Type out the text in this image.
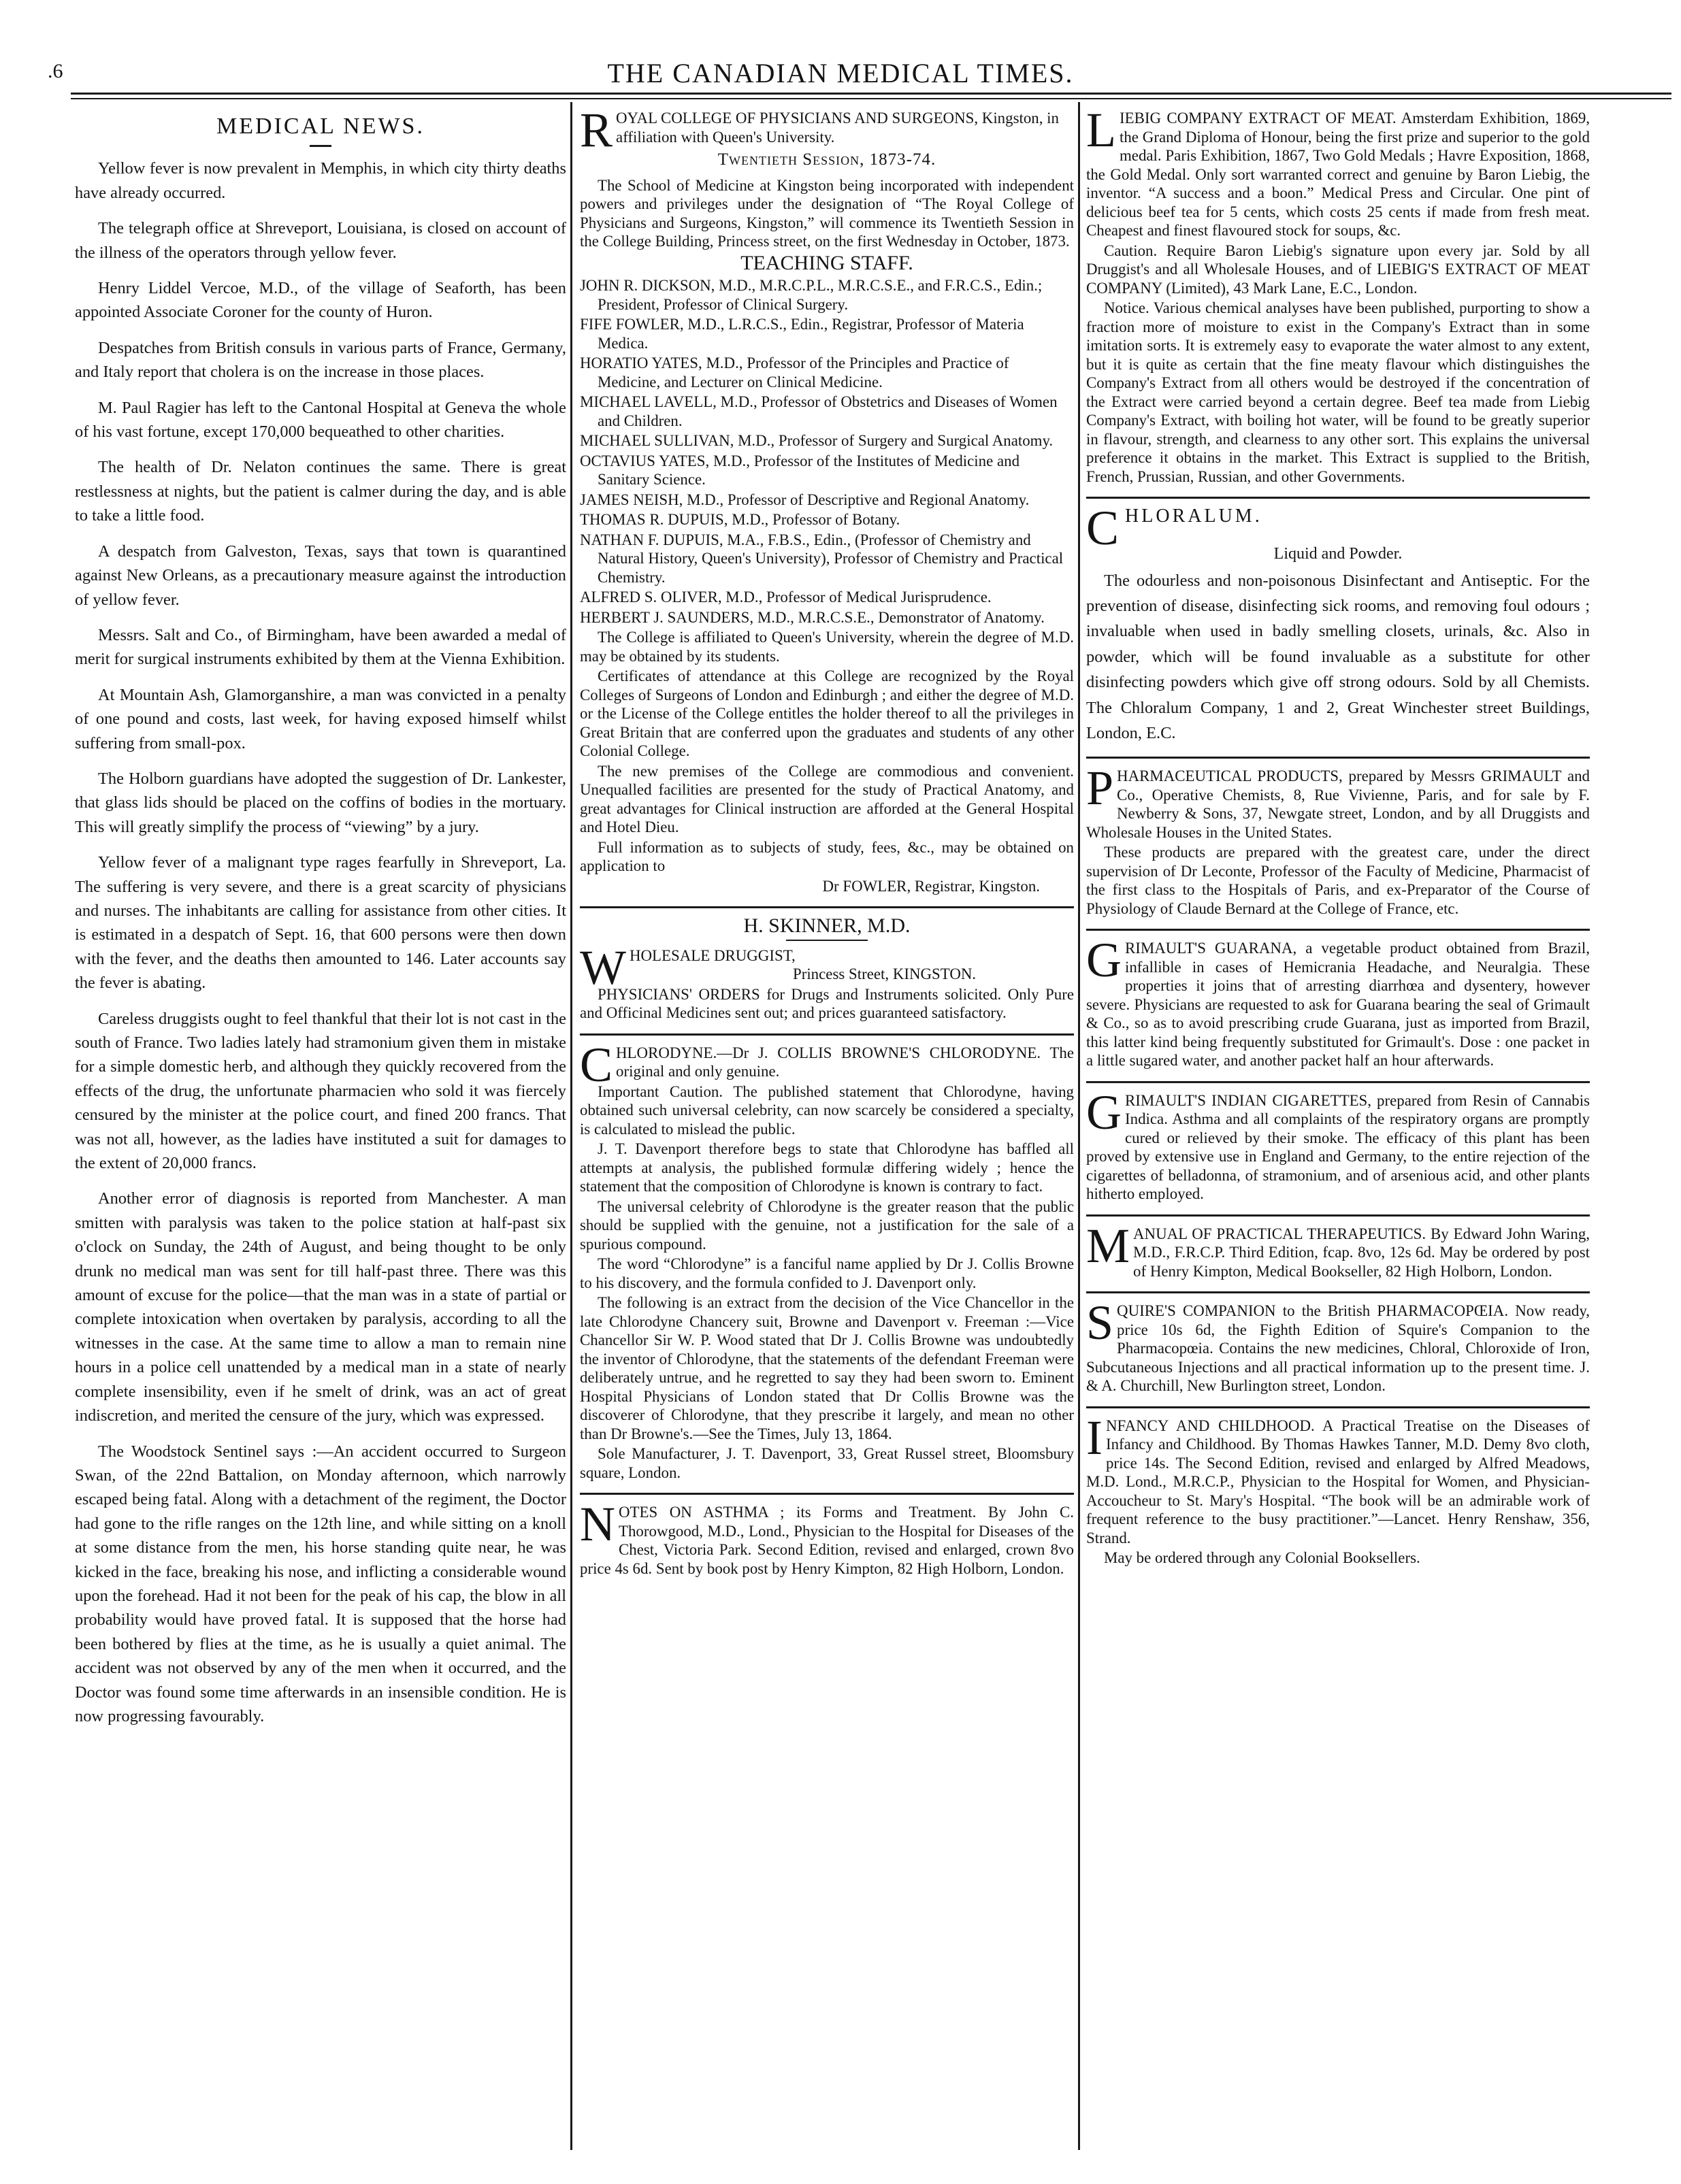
.6	THE CANADIAN MEDICAL TIMES.
MEDICAL NEWS.

Yellow fever is now prevalent in Memphis, in which city thirty deaths have already occurred.

The telegraph office at Shreveport, Louisiana, is closed on account of the illness of the operators through yellow fever.

Henry Liddel Vercoe, M.D., of the village of Seaforth, has been appointed Associate Coroner for the county of Huron.

Despatches from British consuls in various parts of France, Germany, and Italy report that cholera is on the increase in those places.

M. Paul Ragier has left to the Cantonal Hospital at Geneva the whole of his vast fortune, except 170,000 bequeathed to other charities.

The health of Dr. Nelaton continues the same. There is great restlessness at nights, but the patient is calmer during the day, and is able to take a little food.

A despatch from Galveston, Texas, says that town is quarantined against New Orleans, as a precautionary measure against the introduction of yellow fever.

Messrs. Salt and Co., of Birmingham, have been awarded a medal of merit for surgical instruments exhibited by them at the Vienna Exhibition.

At Mountain Ash, Glamorganshire, a man was convicted in a penalty of one pound and costs, last week, for having exposed himself whilst suffering from small-pox.

The Holborn guardians have adopted the suggestion of Dr. Lankester, that glass lids should be placed on the coffins of bodies in the mortuary. This will greatly simplify the process of “viewing” by a jury.

Yellow fever of a malignant type rages fearfully in Shreveport, La. The suffering is very severe, and there is a great scarcity of physicians and nurses. The inhabitants are calling for assistance from other cities. It is estimated in a despatch of Sept. 16, that 600 persons were then down with the fever, and the deaths then amounted to 146. Later accounts say the fever is abating.

Careless druggists ought to feel thankful that their lot is not cast in the south of France. Two ladies lately had stramonium given them in mistake for a simple domestic herb, and although they quickly recovered from the effects of the drug, the unfortunate pharmacien who sold it was fiercely censured by the minister at the police court, and fined 200 francs. That was not all, however, as the ladies have instituted a suit for damages to the extent of 20,000 francs.

Another error of diagnosis is reported from Manchester. A man smitten with paralysis was taken to the police station at half-past six o'clock on Sunday, the 24th of August, and being thought to be only drunk no medical man was sent for till half-past three. There was this amount of excuse for the police—that the man was in a state of partial or complete intoxication when overtaken by paralysis, according to all the witnesses in the case. At the same time to allow a man to remain nine hours in a police cell unattended by a medical man in a state of nearly complete insensibility, even if he smelt of drink, was an act of great indiscretion, and merited the censure of the jury, which was expressed.

The Woodstock Sentinel says :—An accident occurred to Surgeon Swan, of the 22nd Battalion, on Monday afternoon, which narrowly escaped being fatal. Along with a detachment of the regiment, the Doctor had gone to the rifle ranges on the 12th line, and while sitting on a knoll at some distance from the men, his horse standing quite near, he was kicked in the face, breaking his nose, and inflicting a considerable wound upon the forehead. Had it not been for the peak of his cap, the blow in all probability would have proved fatal. It is supposed that the horse had been bothered by flies at the time, as he is usually a quiet animal. The accident was not observed by any of the men when it occurred, and the Doctor was found some time afterwards in an insensible condition. He is now progressing favourably.

ROYAL COLLEGE OF PHYSICIANS AND SURGEONS, Kingston, in affiliation with Queen's University.

Twentieth Session, 1873-74.

The School of Medicine at Kingston being incorporated with independent powers and privileges under the designation of “The Royal College of Physicians and Surgeons, Kingston,” will commence its Twentieth Session in the College Building, Princess street, on the first Wednesday in October, 1873.

TEACHING STAFF.

JOHN R. DICKSON, M.D., M.R.C.P.L., M.R.C.S.E., and F.R.C.S., Edin.; President, Professor of Clinical Surgery.

FIFE FOWLER, M.D., L.R.C.S., Edin., Registrar, Professor of Materia Medica.

HORATIO YATES, M.D., Professor of the Principles and Practice of Medicine, and Lecturer on Clinical Medicine.

MICHAEL LAVELL, M.D., Professor of Obstetrics and Diseases of Women and Children.

MICHAEL SULLIVAN, M.D., Professor of Surgery and Surgical Anatomy.

OCTAVIUS YATES, M.D., Professor of the Institutes of Medicine and Sanitary Science.

JAMES NEISH, M.D., Professor of Descriptive and Regional Anatomy.

THOMAS R. DUPUIS, M.D., Professor of Botany.

NATHAN F. DUPUIS, M.A., F.B.S., Edin., (Professor of Chemistry and Natural History, Queen's University), Professor of Chemistry and Practical Chemistry.

ALFRED S. OLIVER, M.D., Professor of Medical Jurisprudence.

HERBERT J. SAUNDERS, M.D., M.R.C.S.E., Demonstrator of Anatomy.

The College is affiliated to Queen's University, wherein the degree of M.D. may be obtained by its students.

Certificates of attendance at this College are recognized by the Royal Colleges of Surgeons of London and Edinburgh ; and either the degree of M.D. or the License of the College entitles the holder thereof to all the privileges in Great Britain that are conferred upon the graduates and students of any other Colonial College.

The new premises of the College are commodious and convenient. Unequalled facilities are presented for the study of Practical Anatomy, and great advantages for Clinical instruction are afforded at the General Hospital and Hotel Dieu.

Full information as to subjects of study, fees, &c., may be obtained on application to

Dr FOWLER, Registrar, Kingston.

H. SKINNER, M.D.

WHOLESALE DRUGGIST,
Princess Street, KINGSTON.

PHYSICIANS' ORDERS for Drugs and Instruments solicited. Only Pure and Officinal Medicines sent out; and prices guaranteed satisfactory.

CHLORODYNE.—Dr J. COLLIS BROWNE'S CHLORODYNE. The original and only genuine.

Important Caution. The published statement that Chlorodyne, having obtained such universal celebrity, can now scarcely be considered a specialty, is calculated to mislead the public.

J. T. Davenport therefore begs to state that Chlorodyne has baffled all attempts at analysis, the published formulæ differing widely ; hence the statement that the composition of Chlorodyne is known is contrary to fact.

The universal celebrity of Chlorodyne is the greater reason that the public should be supplied with the genuine, not a justification for the sale of a spurious compound.

The word “Chlorodyne” is a fanciful name applied by Dr J. Collis Browne to his discovery, and the formula confided to J. Davenport only.

The following is an extract from the decision of the Vice Chancellor in the late Chlorodyne Chancery suit, Browne and Davenport v. Freeman :—Vice Chancellor Sir W. P. Wood stated that Dr J. Collis Browne was undoubtedly the inventor of Chlorodyne, that the statements of the defendant Freeman were deliberately untrue, and he regretted to say they had been sworn to. Eminent Hospital Physicians of London stated that Dr Collis Browne was the discoverer of Chlorodyne, that they prescribe it largely, and mean no other than Dr Browne's.—See the Times, July 13, 1864.

Sole Manufacturer, J. T. Davenport, 33, Great Russel street, Bloomsbury square, London.

NOTES ON ASTHMA ; its Forms and Treatment. By John C. Thorowgood, M.D., Lond., Physician to the Hospital for Diseases of the Chest, Victoria Park. Second Edition, revised and enlarged, crown 8vo price 4s 6d. Sent by book post by Henry Kimpton, 82 High Holborn, London.

LIEBIG COMPANY EXTRACT OF MEAT. Amsterdam Exhibition, 1869, the Grand Diploma of Honour, being the first prize and superior to the gold medal. Paris Exhibition, 1867, Two Gold Medals ; Havre Exposition, 1868, the Gold Medal. Only sort warranted correct and genuine by Baron Liebig, the inventor. “A success and a boon.” Medical Press and Circular. One pint of delicious beef tea for 5 cents, which costs 25 cents if made from fresh meat. Cheapest and finest flavoured stock for soups, &c.

Caution. Require Baron Liebig's signature upon every jar. Sold by all Druggist's and all Wholesale Houses, and of LIEBIG'S EXTRACT OF MEAT COMPANY (Limited), 43 Mark Lane, E.C., London.

Notice. Various chemical analyses have been published, purporting to show a fraction more of moisture to exist in the Company's Extract than in some imitation sorts. It is extremely easy to evaporate the water almost to any extent, but it is quite as certain that the fine meaty flavour which distinguishes the Company's Extract from all others would be destroyed if the concentration of the Extract were carried beyond a certain degree. Beef tea made from Liebig Company's Extract, with boiling hot water, will be found to be greatly superior in flavour, strength, and clearness to any other sort. This explains the universal preference it obtains in the market. This Extract is supplied to the British, French, Prussian, Russian, and other Governments.

CHLORALUM.

Liquid and Powder.

The odourless and non-poisonous Disinfectant and Antiseptic. For the prevention of disease, disinfecting sick rooms, and removing foul odours ; invaluable when used in badly smelling closets, urinals, &c. Also in powder, which will be found invaluable as a substitute for other disinfecting powders which give off strong odours. Sold by all Chemists. The Chloralum Company, 1 and 2, Great Winchester street Buildings, London, E.C.

PHARMACEUTICAL PRODUCTS, prepared by Messrs GRIMAULT and Co., Operative Chemists, 8, Rue Vivienne, Paris, and for sale by F. Newberry & Sons, 37, Newgate street, London, and by all Druggists and Wholesale Houses in the United States.

These products are prepared with the greatest care, under the direct supervision of Dr Leconte, Professor of the Faculty of Medicine, Pharmacist of the first class to the Hospitals of Paris, and ex-Preparator of the Course of Physiology of Claude Bernard at the College of France, etc.

GRIMAULT'S GUARANA, a vegetable product obtained from Brazil, infallible in cases of Hemicrania Headache, and Neuralgia. These properties it joins that of arresting diarrhœa and dysentery, however severe. Physicians are requested to ask for Guarana bearing the seal of Grimault & Co., so as to avoid prescribing crude Guarana, just as imported from Brazil, this latter kind being frequently substituted for Grimault's. Dose : one packet in a little sugared water, and another packet half an hour afterwards.

GRIMAULT'S INDIAN CIGARETTES, prepared from Resin of Cannabis Indica. Asthma and all complaints of the respiratory organs are promptly cured or relieved by their smoke. The efficacy of this plant has been proved by extensive use in England and Germany, to the entire rejection of the cigarettes of belladonna, of stramonium, and of arsenious acid, and other plants hitherto employed.

MANUAL OF PRACTICAL THERAPEUTICS. By Edward John Waring, M.D., F.R.C.P. Third Edition, fcap. 8vo, 12s 6d. May be ordered by post of Henry Kimpton, Medical Bookseller, 82 High Holborn, London.

SQUIRE'S COMPANION to the British PHARMACOPŒIA. Now ready, price 10s 6d, the Fighth Edition of Squire's Companion to the Pharmacopœia. Contains the new medicines, Chloral, Chloroxide of Iron, Subcutaneous Injections and all practical information up to the present time. J. & A. Churchill, New Burlington street, London.

INFANCY AND CHILDHOOD. A Practical Treatise on the Diseases of Infancy and Childhood. By Thomas Hawkes Tanner, M.D. Demy 8vo cloth, price 14s. The Second Edition, revised and enlarged by Alfred Meadows, M.D. Lond., M.R.C.P., Physician to the Hospital for Women, and Physician-Accoucheur to St. Mary's Hospital. “The book will be an admirable work of frequent reference to the busy practitioner.”—Lancet. Henry Renshaw, 356, Strand.

May be ordered through any Colonial Booksellers.
